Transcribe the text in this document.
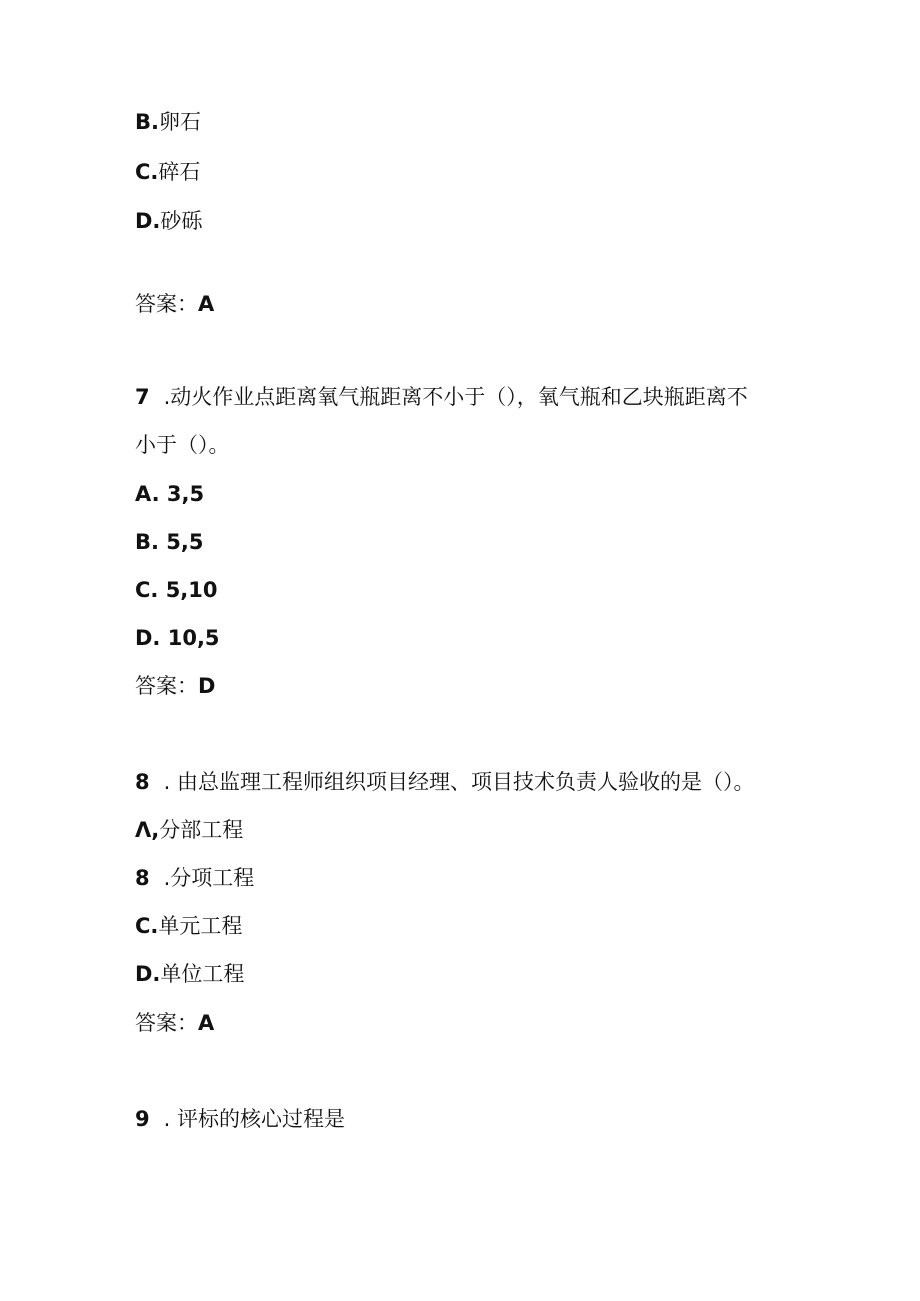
B.卵石
C.碎石
D.砂砾
答案：A
7 .动火作业点距离氧气瓶距离不小于（），氧气瓶和乙块瓶距离不
小于（）。
A. 3,5
B. 5,5
C. 5,10
D. 10,5
答案：D
8 . 由总监理工程师组织项目经理、项目技术负责人验收的是（）。
Λ,分部工程
8 .分项工程
C.单元工程
D.单位工程
答案：A
9 . 评标的核心过程是
